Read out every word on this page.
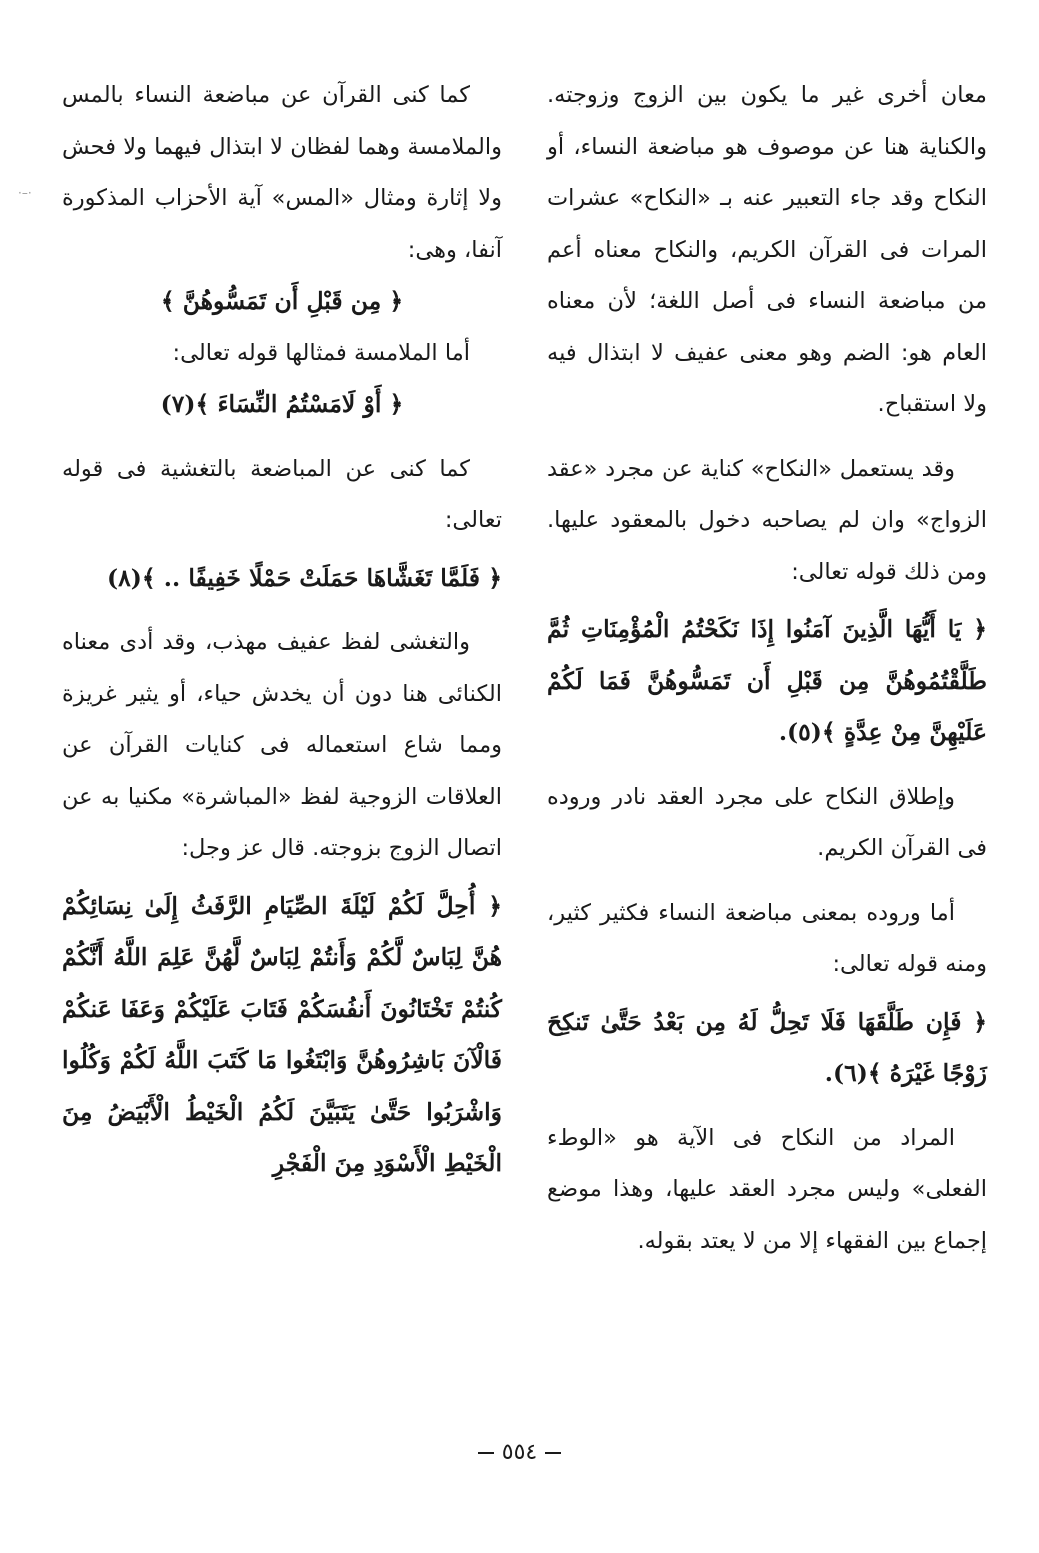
·–·

معان أخرى غير ما يكون بين الزوج وزوجته. والكناية هنا عن موصوف هو مباضعة النساء، أو النكاح وقد جاء التعبير عنه بـ «النكاح» عشرات المرات فى القرآن الكريم، والنكاح معناه أعم من مباضعة النساء فى أصل اللغة؛ لأن معناه العام هو: الضم وهو معنى عفيف لا ابتذال فيه ولا استقباح.

وقد يستعمل «النكاح» كناية عن مجرد «عقد الزواج» وان لم يصاحبه دخول بالمعقود عليها. ومن ذلك قوله تعالى:

﴿ يَا أَيُّهَا الَّذِينَ آمَنُوا إِذَا نَكَحْتُمُ الْمُؤْمِنَاتِ ثُمَّ طَلَّقْتُمُوهُنَّ مِن قَبْلِ أَن تَمَسُّوهُنَّ فَمَا لَكُمْ عَلَيْهِنَّ مِنْ عِدَّةٍ ﴾(٥).

وإطلاق النكاح على مجرد العقد نادر وروده فى القرآن الكريم.

أما وروده بمعنى مباضعة النساء فكثير كثير، ومنه قوله تعالى:

﴿ فَإِن طَلَّقَهَا فَلَا تَحِلُّ لَهُ مِن بَعْدُ حَتَّىٰ تَنكِحَ زَوْجًا غَيْرَهُ ﴾(٦).

المراد من النكاح فى الآية هو «الوطء الفعلى» وليس مجرد العقد عليها، وهذا موضع إجماع بين الفقهاء إلا من لا يعتد بقوله.

كما كنى القرآن عن مباضعة النساء بالمس والملامسة وهما لفظان لا ابتذال فيهما ولا فحش ولا إثارة ومثال «المس» آية الأحزاب المذكورة آنفا، وهى:

﴿ مِن قَبْلِ أَن تَمَسُّوهُنَّ ﴾

أما الملامسة فمثالها قوله تعالى:

﴿ أَوْ لَامَسْتُمُ النِّسَاءَ ﴾(٧)

كما كنى عن المباضعة بالتغشية فى قوله تعالى:

﴿ فَلَمَّا تَغَشَّاهَا حَمَلَتْ حَمْلًا خَفِيفًا .. ﴾(٨)

والتغشى لفظ عفيف مهذب، وقد أدى معناه الكنائى هنا دون أن يخدش حياء، أو يثير غريزة ومما شاع استعماله فى كنايات القرآن عن العلاقات الزوجية لفظ «المباشرة» مكنيا به عن اتصال الزوج بزوجته. قال عز وجل:

﴿ أُحِلَّ لَكُمْ لَيْلَةَ الصِّيَامِ الرَّفَثُ إِلَىٰ نِسَائِكُمْ هُنَّ لِبَاسٌ لَّكُمْ وَأَنتُمْ لِبَاسٌ لَّهُنَّ عَلِمَ اللَّهُ أَنَّكُمْ كُنتُمْ تَخْتَانُونَ أَنفُسَكُمْ فَتَابَ عَلَيْكُمْ وَعَفَا عَنكُمْ فَالْآنَ بَاشِرُوهُنَّ وَابْتَغُوا مَا كَتَبَ اللَّهُ لَكُمْ وَكُلُوا وَاشْرَبُوا حَتَّىٰ يَتَبَيَّنَ لَكُمُ الْخَيْطُ الْأَبْيَضُ مِنَ الْخَيْطِ الْأَسْوَدِ مِنَ الْفَجْرِ

٥٥٤
